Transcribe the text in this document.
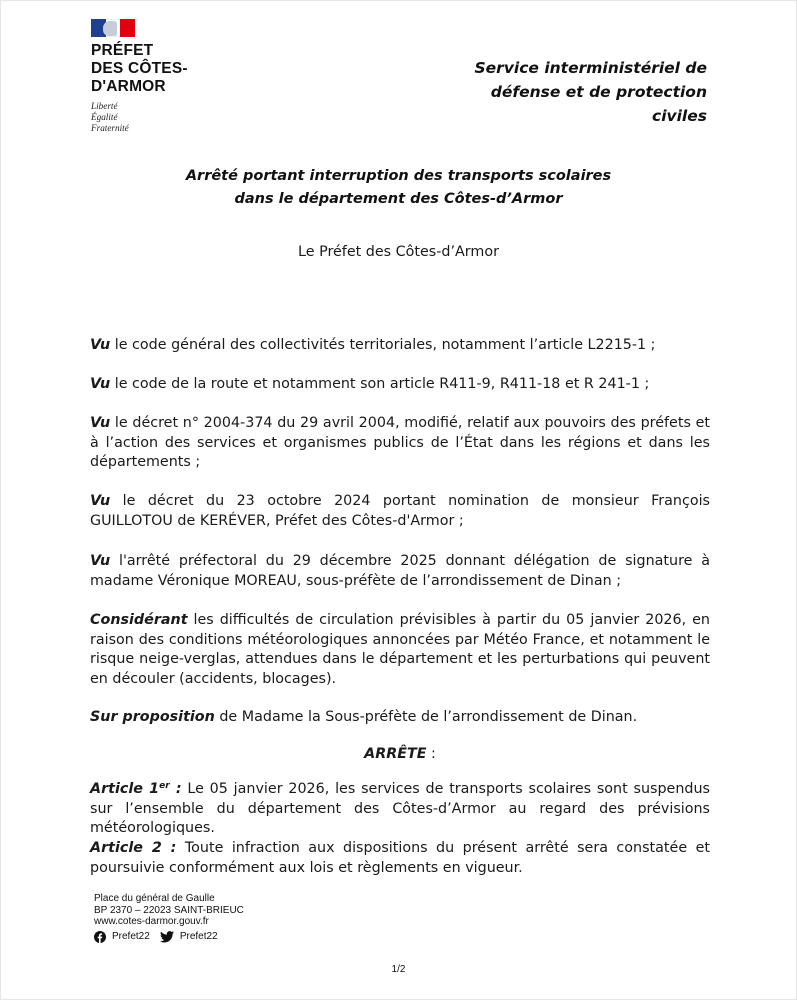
PRÉFET
DES CÔTES-
D'ARMOR
Liberté
Égalité
Fraternité
Service interministériel de défense et de protection civiles
Arrêté portant interruption des transports scolaires
dans le département des Côtes-d’Armor
Le Préfet des Côtes-d’Armor
Vu le code général des collectivités territoriales, notamment l’article L2215-1 ;
Vu le code de la route et notamment son article R411-9, R411-18 et R 241-1 ;
Vu le décret n° 2004-374 du 29 avril 2004, modifié, relatif aux pouvoirs des préfets et à l’action des services et organismes publics de l’État dans les régions et dans les départements ;
Vu le décret du 23 octobre 2024 portant nomination de monsieur François GUILLOTOU de KERÉVER, Préfet des Côtes-d'Armor ;
Vu l'arrêté préfectoral du 29 décembre 2025 donnant délégation de signature à madame Véronique MOREAU, sous-préfète de l’arrondissement de Dinan ;
Considérant les difficultés de circulation prévisibles à partir du 05 janvier 2026, en raison des conditions météorologiques annoncées par Météo France, et notamment le risque neige-verglas, attendues dans le département et les perturbations qui peuvent en découler (accidents, blocages).
Sur proposition de Madame la Sous-préfète de l’arrondissement de Dinan.
ARRÊTE :
Article 1er : Le 05 janvier 2026, les services de transports scolaires sont suspendus sur l’ensemble du département des Côtes-d’Armor au regard des prévisions météorologiques.
Article 2 : Toute infraction aux dispositions du présent arrêté sera constatée et poursuivie conformément aux lois et règlements en vigueur.
Place du général de Gaulle
BP 2370 – 22023 SAINT-BRIEUC
www.cotes-darmor.gouv.fr
Prefet22	Prefet22
1/2
